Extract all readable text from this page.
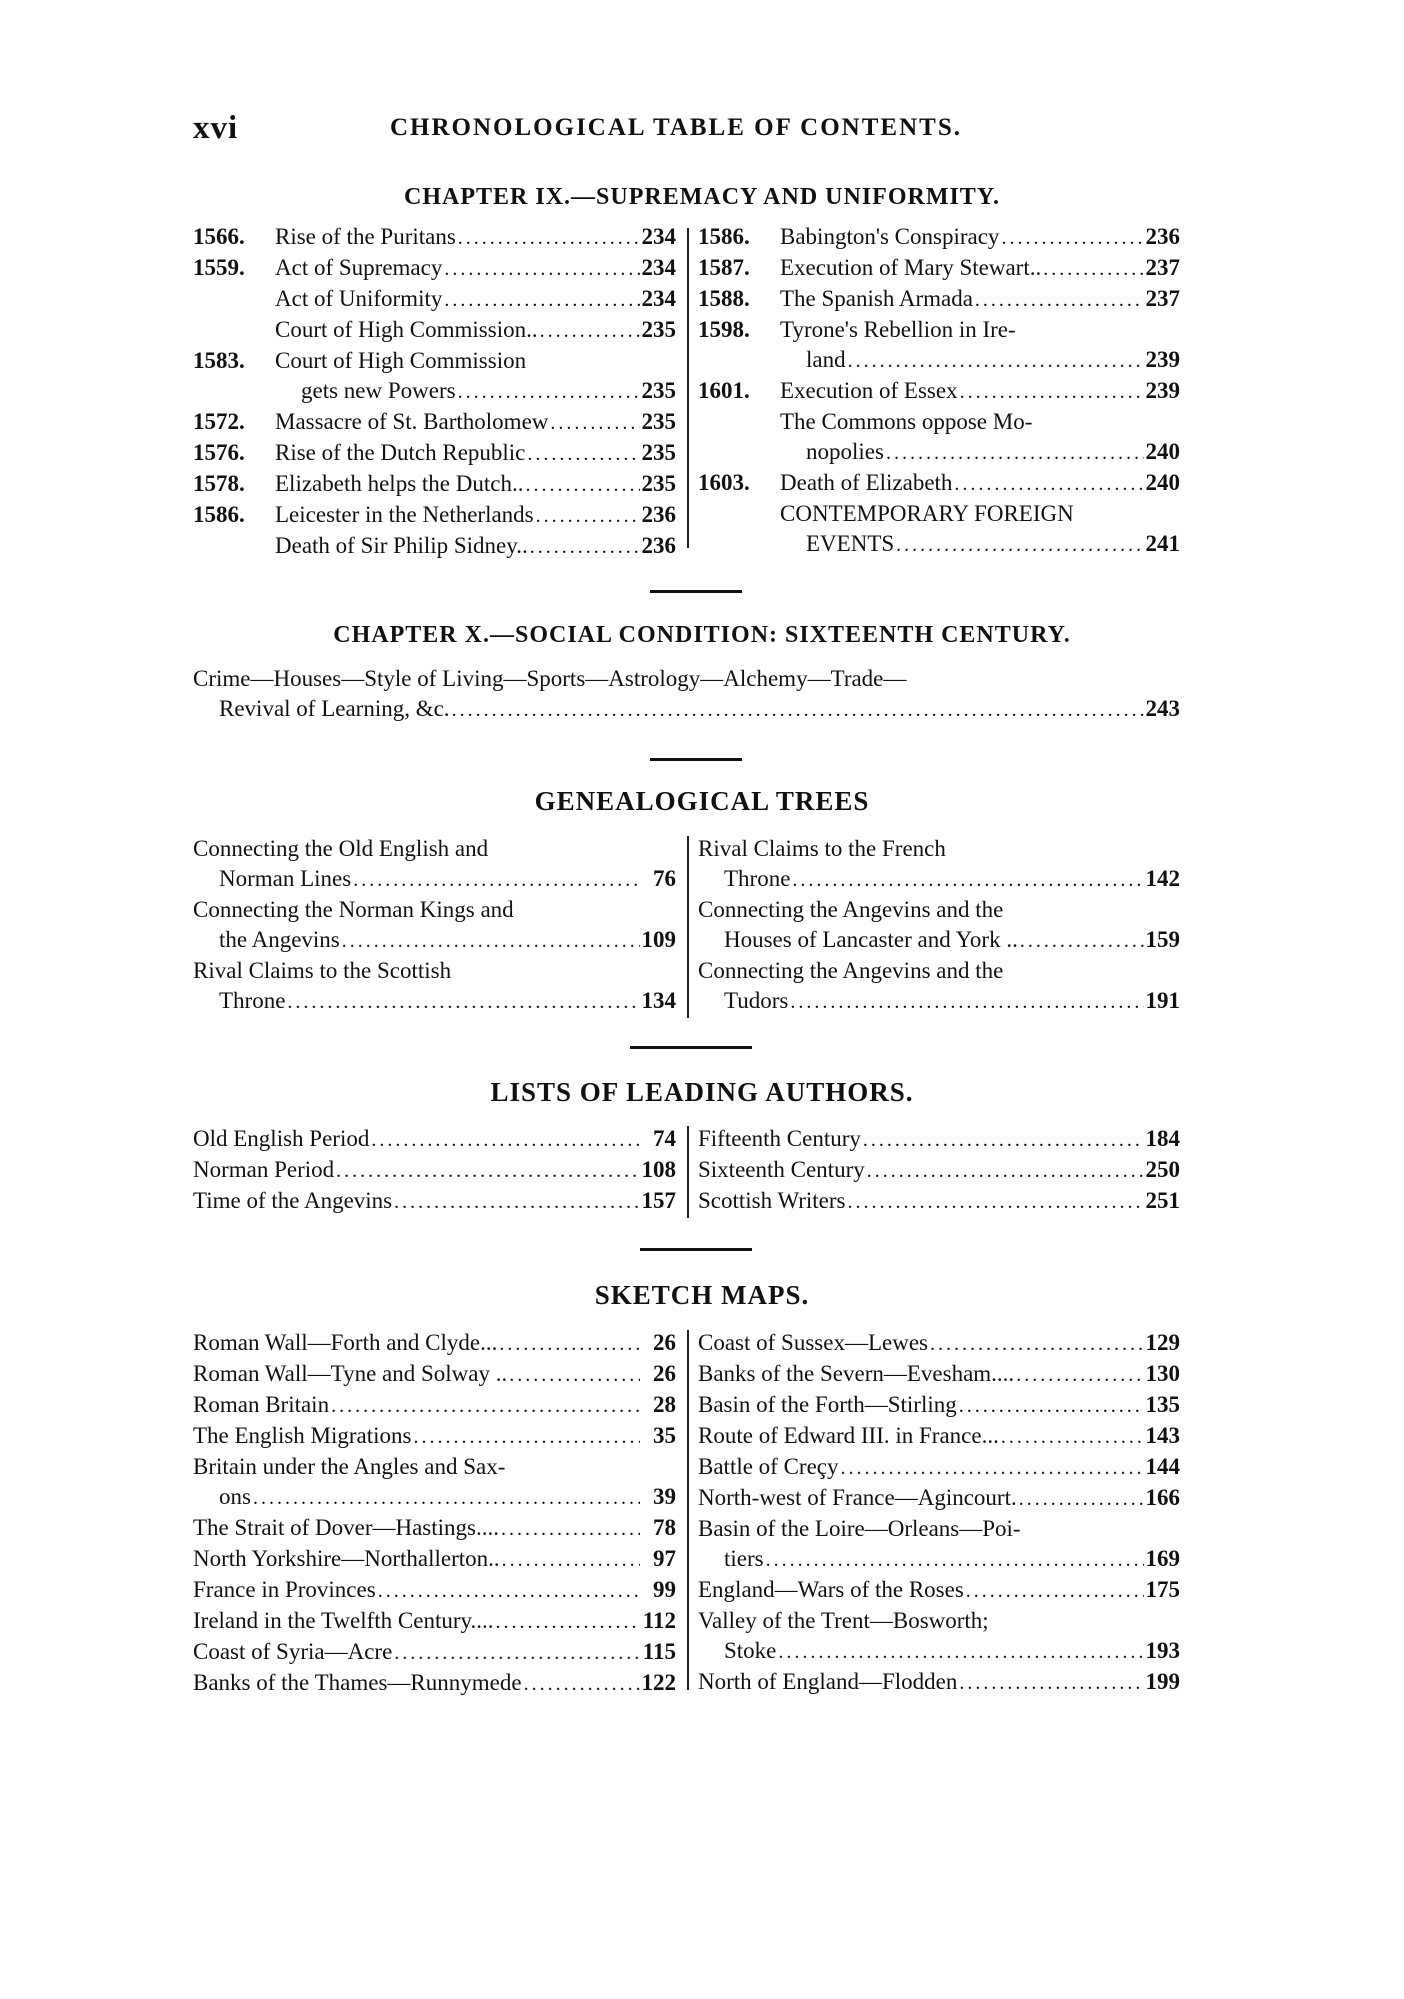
xvi	CHRONOLOGICAL TABLE OF CONTENTS.
CHAPTER IX.—SUPREMACY AND UNIFORMITY.
1566.	Rise of the Puritans .....	234
1559.	Act of Supremacy .....	234
Act of Uniformity .....	234
Court of High Commission.. .....	235
1583.	Court of High Commission
gets new Powers .....	235
1572.	Massacre of St. Bartholomew .....	235
1576.	Rise of the Dutch Republic .....	235
1578.	Elizabeth helps the Dutch.. .....	235
1586.	Leicester in the Netherlands .....	236
Death of Sir Philip Sidney.. .....	236
1586.	Babington's Conspiracy .....	236
1587.	Execution of Mary Stewart.. .....	237
1588.	The Spanish Armada .....	237
1598.	Tyrone's Rebellion in Ire-
land .....	239
1601.	Execution of Essex .....	239
The Commons oppose Mo-
nopolies .....	240
1603.	Death of Elizabeth .....	240
CONTEMPORARY FOREIGN
EVENTS .....	241
CHAPTER X.—SOCIAL CONDITION: SIXTEENTH CENTURY.
Crime—Houses—Style of Living—Sports—Astrology—Alchemy—Trade—
Revival of Learning, &c. .....	243
GENEALOGICAL TREES
Connecting the Old English and
Norman Lines .....	76
Connecting the Norman Kings and
the Angevins .....	109
Rival Claims to the Scottish
Throne .....	134
Rival Claims to the French
Throne .....	142
Connecting the Angevins and the
Houses of Lancaster and York .. .....	159
Connecting the Angevins and the
Tudors .....	191
LISTS OF LEADING AUTHORS.
Old English Period .....	74
Norman Period .....	108
Time of the Angevins .....	157
Fifteenth Century .....	184
Sixteenth Century .....	250
Scottish Writers .....	251
SKETCH MAPS.
Roman Wall—Forth and Clyde... .....	26
Roman Wall—Tyne and Solway .. .....	26
Roman Britain .....	28
The English Migrations .....	35
Britain under the Angles and Sax-
ons .....	39
The Strait of Dover—Hastings.... .....	78
North Yorkshire—Northallerton.. .....	97
France in Provinces .....	99
Ireland in the Twelfth Century.... .....	112
Coast of Syria—Acre .....	115
Banks of the Thames—Runnymede .....	122
Coast of Sussex—Lewes .....	129
Banks of the Severn—Evesham.... .....	130
Basin of the Forth—Stirling .....	135
Route of Edward III. in France... .....	143
Battle of Creçy .....	144
North-west of France—Agincourt. .....	166
Basin of the Loire—Orleans—Poi-
tiers .....	169
England—Wars of the Roses .....	175
Valley of the Trent—Bosworth;
Stoke .....	193
North of England—Flodden .....	199
